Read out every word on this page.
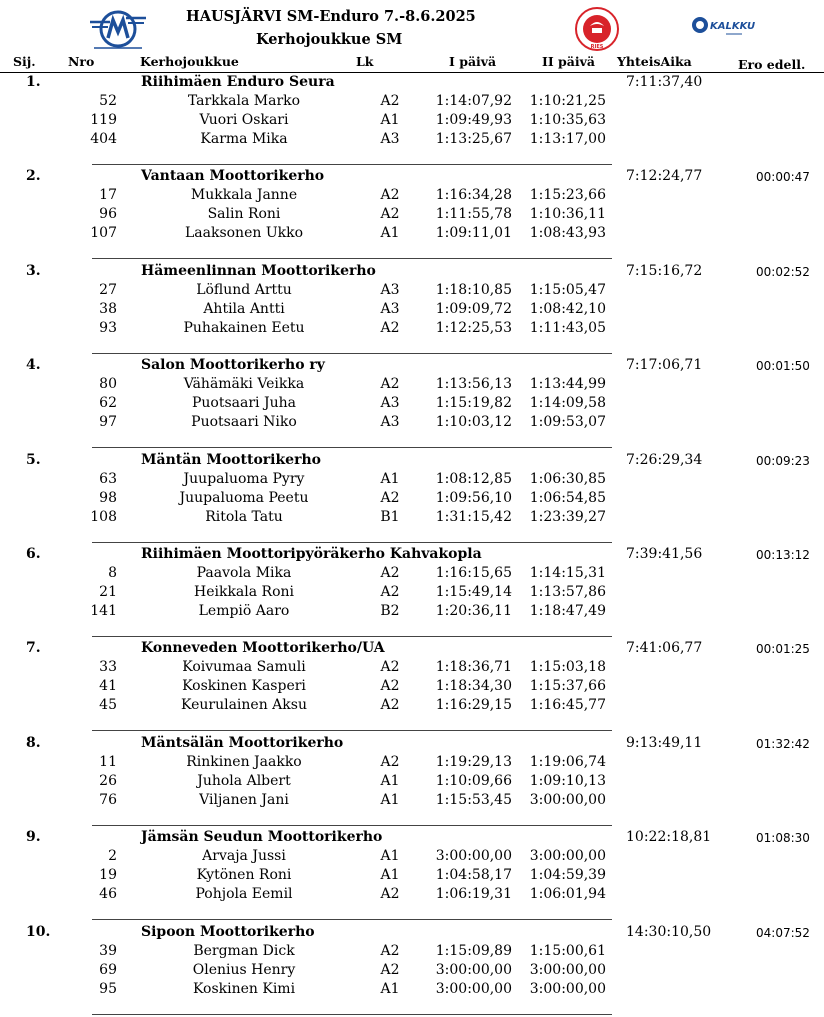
HAUSJÄRVI SM-Enduro 7.-8.6.2025
Kerhojoukkue SM	RIES
KALKKU
Sij.	Nro	Kerhojoukkue	Lk	I päivä	II päivä YhteisAika	Ero edell.
1.	Riihimäen Enduro Seura	7:11:37,40
52	Tarkkala Marko	A2	1:14:07,92 1:10:21,25
119	Vuori Oskari	A1	1:09:49,93 1:10:35,63
404	Karma Mika	A3	1:13:25,67 1:13:17,00
2.	Vantaan Moottorikerho	7:12:24,77	00:00:47
17	Mukkala Janne	A2	1:16:34,28 1:15:23,66
96	Salin Roni	A2	1:11:55,78 1:10:36,11
107	Laaksonen Ukko	A1	1:09:11,01 1:08:43,93
3.	Hämeenlinnan Moottorikerho	7:15:16,72	00:02:52
27	Löflund Arttu	A3	1:18:10,85 1:15:05,47
38	Ahtila Antti	A3	1:09:09,72 1:08:42,10
93	Puhakainen Eetu	A2	1:12:25,53 1:11:43,05
4.	Salon Moottorikerho ry	7:17:06,71	00:01:50
80	Vähämäki Veikka	A2	1:13:56,13 1:13:44,99
62	Puotsaari Juha	A3	1:15:19,82 1:14:09,58
97	Puotsaari Niko	A3	1:10:03,12 1:09:53,07
5.	Mäntän Moottorikerho	7:26:29,34	00:09:23
63	Juupaluoma Pyry	A1	1:08:12,85 1:06:30,85
98	Juupaluoma Peetu	A2	1:09:56,10 1:06:54,85
108	Ritola Tatu	B1	1:31:15,42 1:23:39,27
6.	Riihimäen Moottoripyöräkerho Kahvakopla	7:39:41,56	00:13:12
8	Paavola Mika	A2	1:16:15,65 1:14:15,31
21	Heikkala Roni	A2	1:15:49,14 1:13:57,86
141	Lempiö Aaro	B2	1:20:36,11 1:18:47,49
7.	Konneveden Moottorikerho/UA	7:41:06,77	00:01:25
33	Koivumaa Samuli	A2	1:18:36,71 1:15:03,18
41	Koskinen Kasperi	A2	1:18:34,30 1:15:37,66
45	Keurulainen Aksu	A2	1:16:29,15 1:16:45,77
8.	Mäntsälän Moottorikerho	9:13:49,11	01:32:42
11	Rinkinen Jaakko	A2	1:19:29,13 1:19:06,74
26	Juhola Albert	A1	1:10:09,66 1:09:10,13
76	Viljanen Jani	A1	1:15:53,45 3:00:00,00
9.	Jämsän Seudun Moottorikerho	10:22:18,81	01:08:30
2	Arvaja Jussi	A1	3:00:00,00 3:00:00,00
19	Kytönen Roni	A1	1:04:58,17 1:04:59,39
46	Pohjola Eemil	A2	1:06:19,31 1:06:01,94
10.	Sipoon Moottorikerho	14:30:10,50	04:07:52
39	Bergman Dick	A2	1:15:09,89 1:15:00,61
69	Olenius Henry	A2	3:00:00,00 3:00:00,00
95	Koskinen Kimi	A1	3:00:00,00 3:00:00,00
